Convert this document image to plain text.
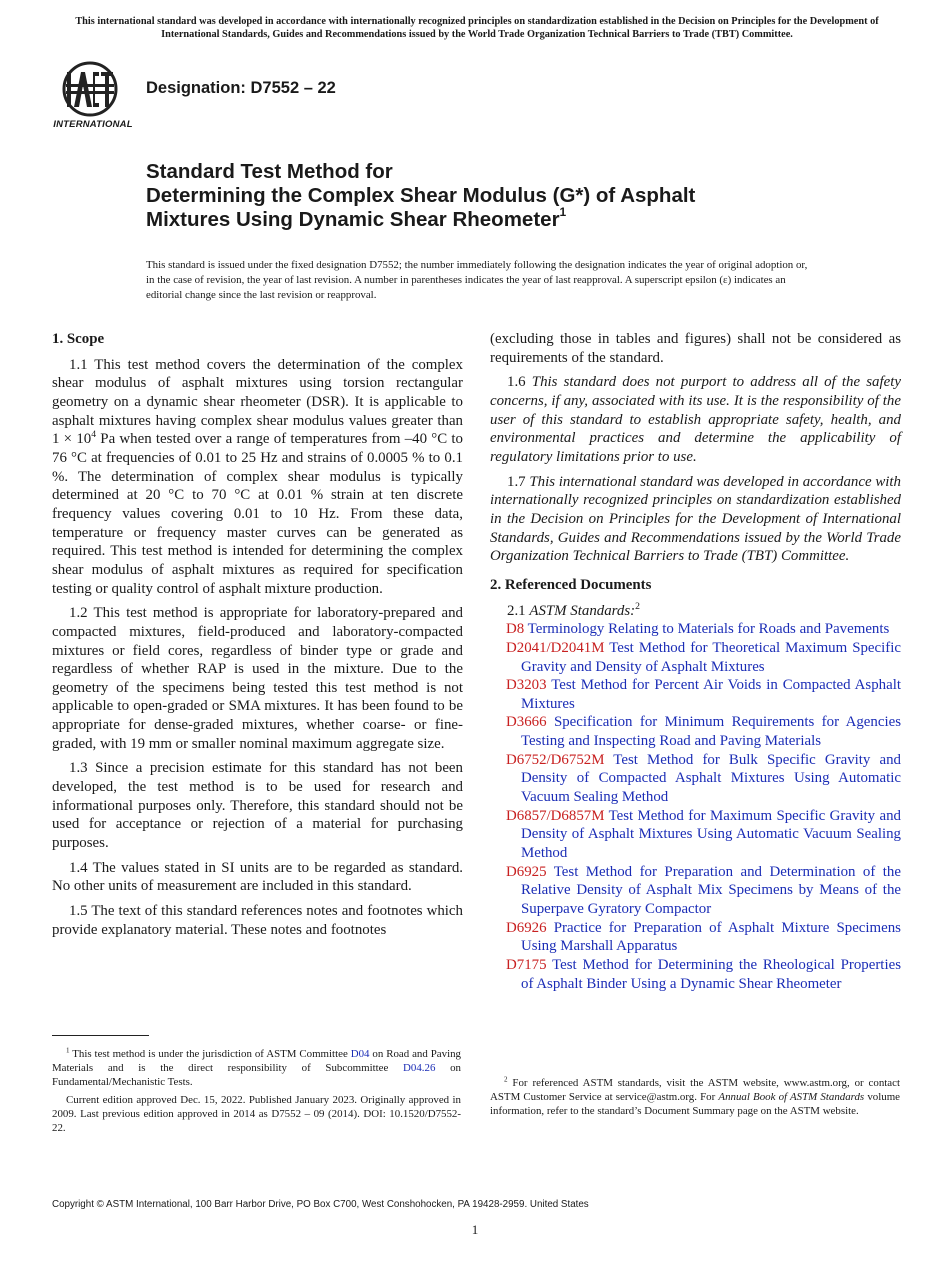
This international standard was developed in accordance with internationally recognized principles on standardization established in the Decision on Principles for the Development of International Standards, Guides and Recommendations issued by the World Trade Organization Technical Barriers to Trade (TBT) Committee.
INTERNATIONAL
Designation: D7552 – 22
Standard Test Method for
Determining the Complex Shear Modulus (G*) of Asphalt
Mixtures Using Dynamic Shear Rheometer$^1$
This standard is issued under the fixed designation D7552; the number immediately following the designation indicates the year of original adoption or, in the case of revision, the year of last revision. A number in parentheses indicates the year of last reapproval. A superscript epsilon (ε) indicates an editorial change since the last revision or reapproval.
1. Scope

1.1 This test method covers the determination of the complex shear modulus of asphalt mixtures using torsion rectangular geometry on a dynamic shear rheometer (DSR). It is applicable to asphalt mixtures having complex shear modulus values greater than $1 \times 10^4$ Pa when tested over a range of temperatures from –40 °C to 76 °C at frequencies of 0.01 to 25 Hz and strains of 0.0005 % to 0.1 %. The determination of complex shear modulus is typically determined at 20 °C to 70 °C at 0.01 % strain at ten discrete frequency values covering 0.01 to 10 Hz. From these data, temperature or frequency master curves can be generated as required. This test method is intended for determining the complex shear modulus of asphalt mixtures as required for specification testing or quality control of asphalt mixture production.

1.2 This test method is appropriate for laboratory-prepared and compacted mixtures, field-produced and laboratory-compacted mixtures or field cores, regardless of binder type or grade and regardless of whether RAP is used in the mixture. Due to the geometry of the specimens being tested this test method is not applicable to open-graded or SMA mixtures. It has been found to be appropriate for dense-graded mixtures, whether coarse- or fine-graded, with 19 mm or smaller nominal maximum aggregate size.

1.3 Since a precision estimate for this standard has not been developed, the test method is to be used for research and informational purposes only. Therefore, this standard should not be used for acceptance or rejection of a material for purchasing purposes.

1.4 The values stated in SI units are to be regarded as standard. No other units of measurement are included in this standard.

1.5 The text of this standard references notes and footnotes which provide explanatory material. These notes and footnotes

(excluding those in tables and figures) shall not be considered as requirements of the standard.

1.6 This standard does not purport to address all of the safety concerns, if any, associated with its use. It is the responsibility of the user of this standard to establish appropriate safety, health, and environmental practices and determine the applicability of regulatory limitations prior to use.

1.7 This international standard was developed in accordance with internationally recognized principles on standardization established in the Decision on Principles for the Development of International Standards, Guides and Recommendations issued by the World Trade Organization Technical Barriers to Trade (TBT) Committee.

2. Referenced Documents
2.1 ASTM Standards:$^2$
D8 Terminology Relating to Materials for Roads and Pavements
D2041/D2041M Test Method for Theoretical Maximum Specific Gravity and Density of Asphalt Mixtures
D3203 Test Method for Percent Air Voids in Compacted Asphalt Mixtures
D3666 Specification for Minimum Requirements for Agencies Testing and Inspecting Road and Paving Materials
D6752/D6752M Test Method for Bulk Specific Gravity and Density of Compacted Asphalt Mixtures Using Automatic Vacuum Sealing Method
D6857/D6857M Test Method for Maximum Specific Gravity and Density of Asphalt Mixtures Using Automatic Vacuum Sealing Method
D6925 Test Method for Preparation and Determination of the Relative Density of Asphalt Mix Specimens by Means of the Superpave Gyratory Compactor
D6926 Practice for Preparation of Asphalt Mixture Specimens Using Marshall Apparatus
D7175 Test Method for Determining the Rheological Properties of Asphalt Binder Using a Dynamic Shear Rheometer

$^1$ This test method is under the jurisdiction of ASTM Committee D04 on Road and Paving Materials and is the direct responsibility of Subcommittee D04.26 on Fundamental/Mechanistic Tests.

Current edition approved Dec. 15, 2022. Published January 2023. Originally approved in 2009. Last previous edition approved in 2014 as D7552 – 09 (2014). DOI: 10.1520/D7552-22.

$^2$ For referenced ASTM standards, visit the ASTM website, www.astm.org, or contact ASTM Customer Service at service@astm.org. For Annual Book of ASTM Standards volume information, refer to the standard’s Document Summary page on the ASTM website.

Copyright © ASTM International, 100 Barr Harbor Drive, PO Box C700, West Conshohocken, PA 19428-2959. United States
1
